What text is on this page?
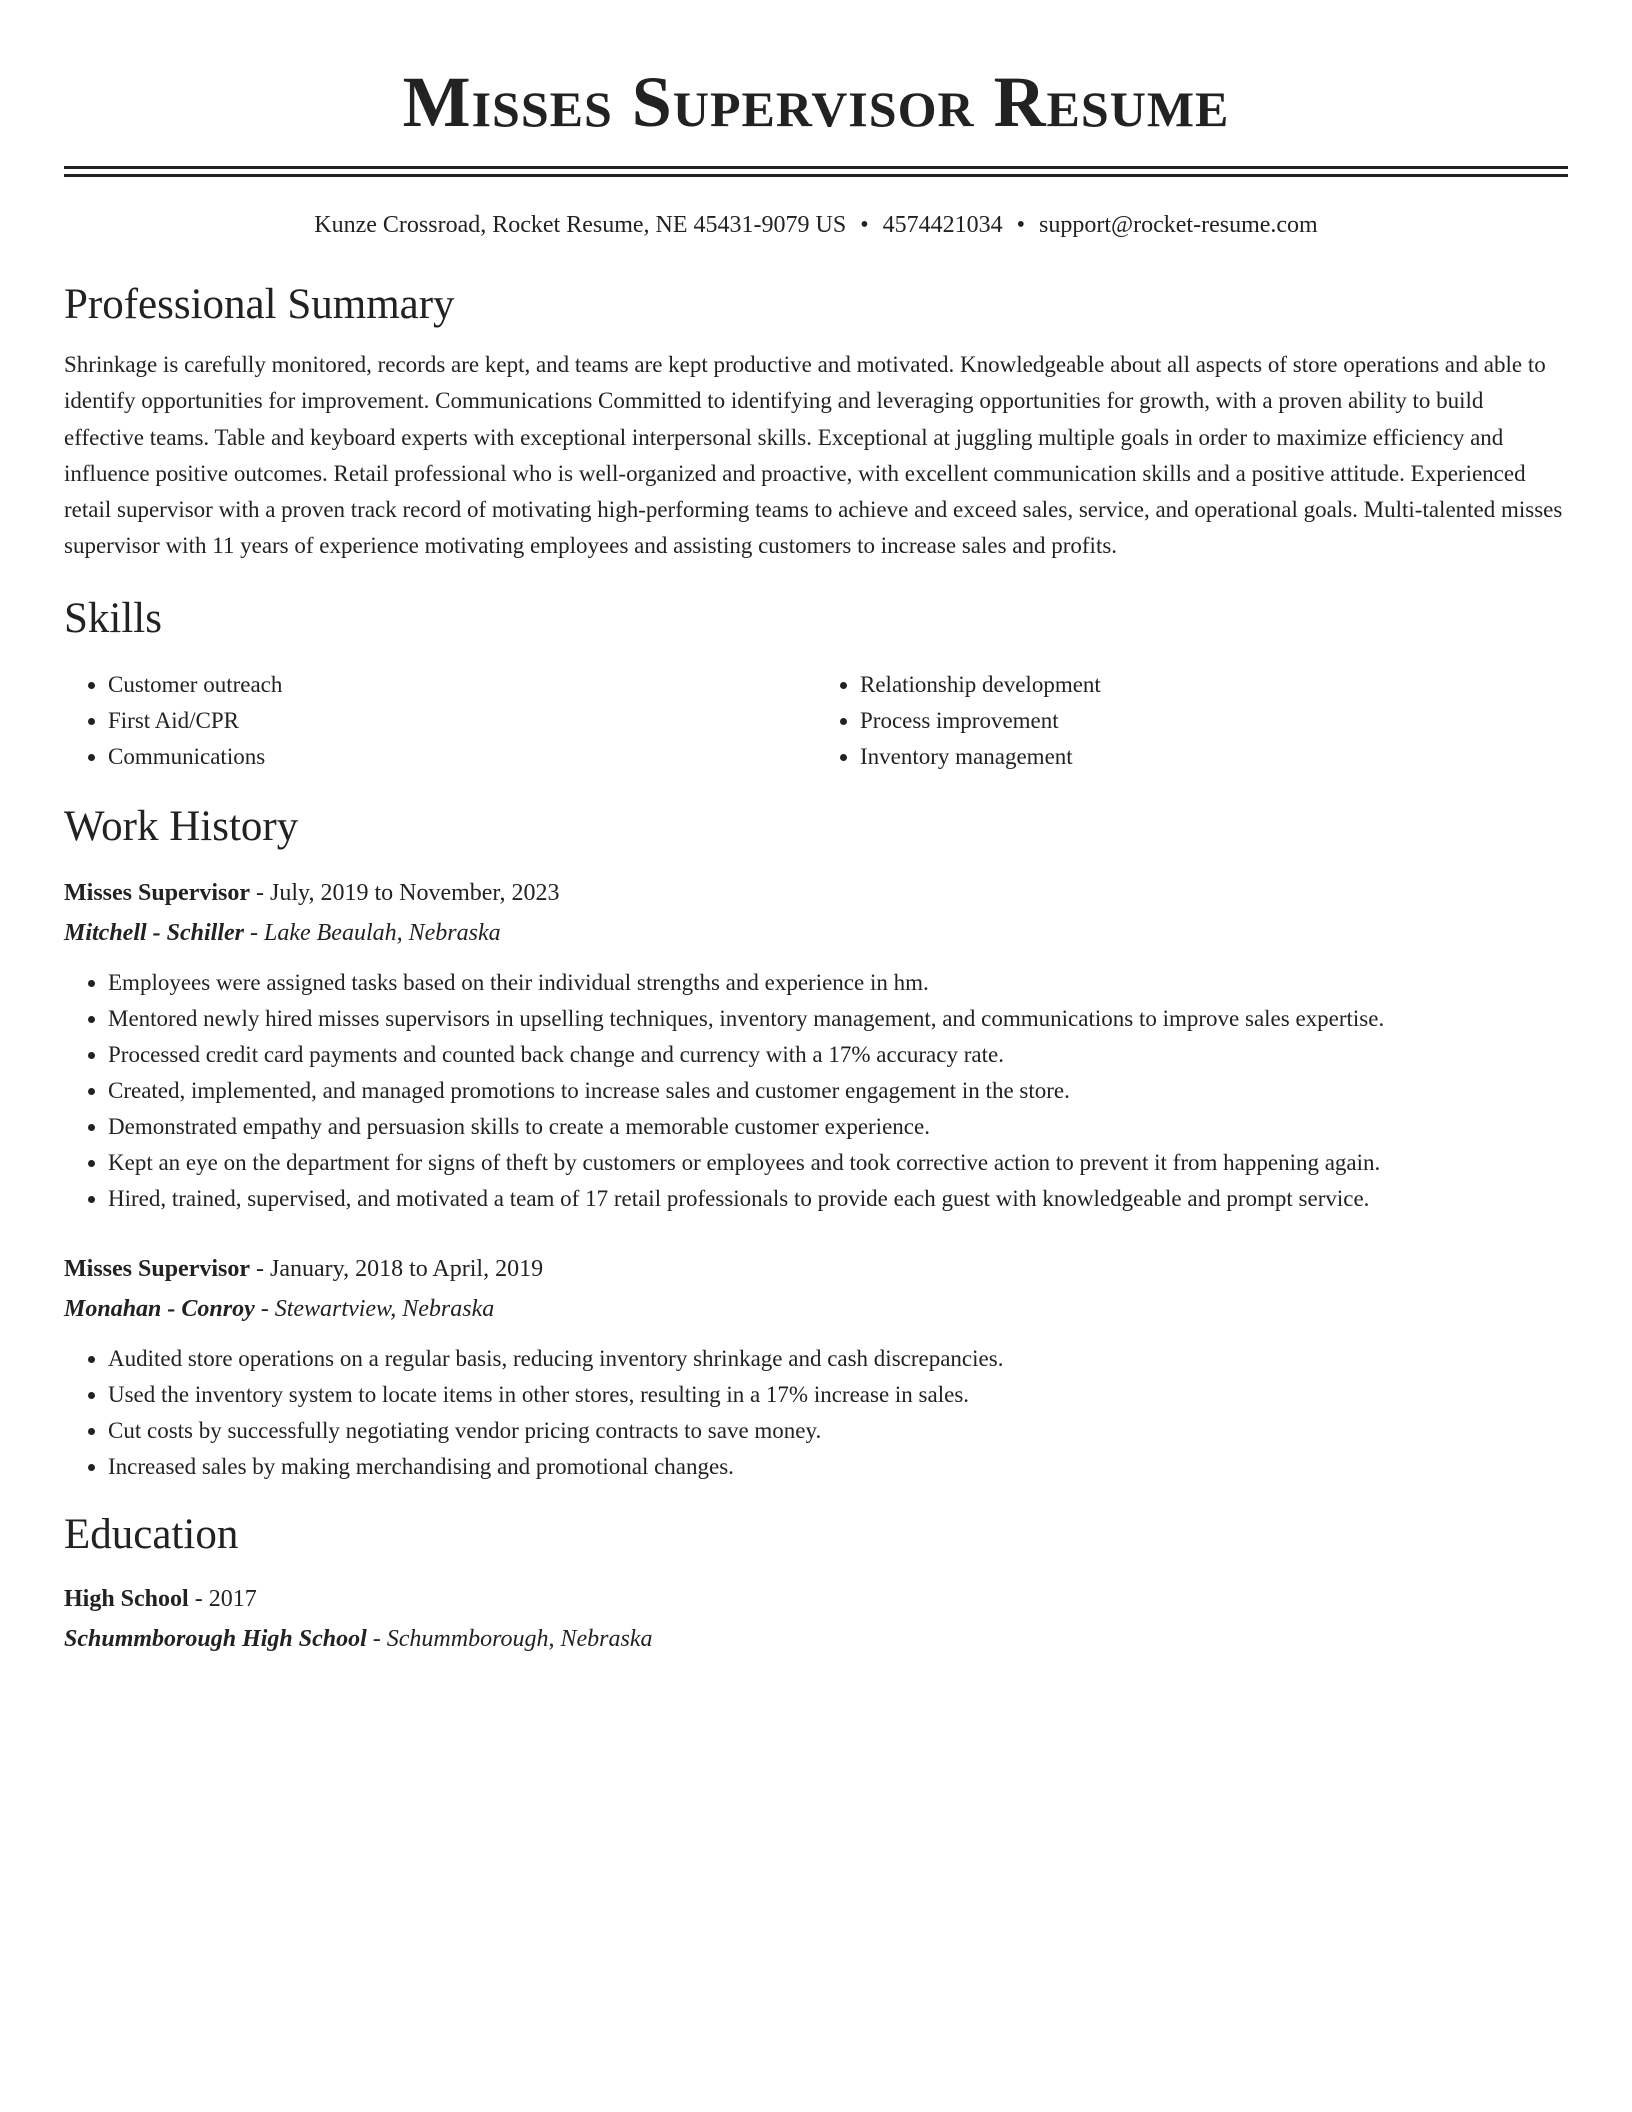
Misses Supervisor Resume
Kunze Crossroad, Rocket Resume, NE 45431-9079 US • 4574421034 • support@rocket-resume.com
Professional Summary
Shrinkage is carefully monitored, records are kept, and teams are kept productive and motivated. Knowledgeable about all aspects of store operations and able to identify opportunities for improvement. Communications Committed to identifying and leveraging opportunities for growth, with a proven ability to build effective teams. Table and keyboard experts with exceptional interpersonal skills. Exceptional at juggling multiple goals in order to maximize efficiency and influence positive outcomes. Retail professional who is well-organized and proactive, with excellent communication skills and a positive attitude. Experienced retail supervisor with a proven track record of motivating high-performing teams to achieve and exceed sales, service, and operational goals. Multi-talented misses supervisor with 11 years of experience motivating employees and assisting customers to increase sales and profits.
Skills
• Customer outreach
• First Aid/CPR
• Communications
• Relationship development
• Process improvement
• Inventory management
Work History
Misses Supervisor - July, 2019 to November, 2023
Mitchell - Schiller - Lake Beaulah, Nebraska
• Employees were assigned tasks based on their individual strengths and experience in hm.
• Mentored newly hired misses supervisors in upselling techniques, inventory management, and communications to improve sales expertise.
• Processed credit card payments and counted back change and currency with a 17% accuracy rate.
• Created, implemented, and managed promotions to increase sales and customer engagement in the store.
• Demonstrated empathy and persuasion skills to create a memorable customer experience.
• Kept an eye on the department for signs of theft by customers or employees and took corrective action to prevent it from happening again.
• Hired, trained, supervised, and motivated a team of 17 retail professionals to provide each guest with knowledgeable and prompt service.
Misses Supervisor - January, 2018 to April, 2019
Monahan - Conroy - Stewartview, Nebraska
• Audited store operations on a regular basis, reducing inventory shrinkage and cash discrepancies.
• Used the inventory system to locate items in other stores, resulting in a 17% increase in sales.
• Cut costs by successfully negotiating vendor pricing contracts to save money.
• Increased sales by making merchandising and promotional changes.
Education
High School - 2017
Schummborough High School - Schummborough, Nebraska
